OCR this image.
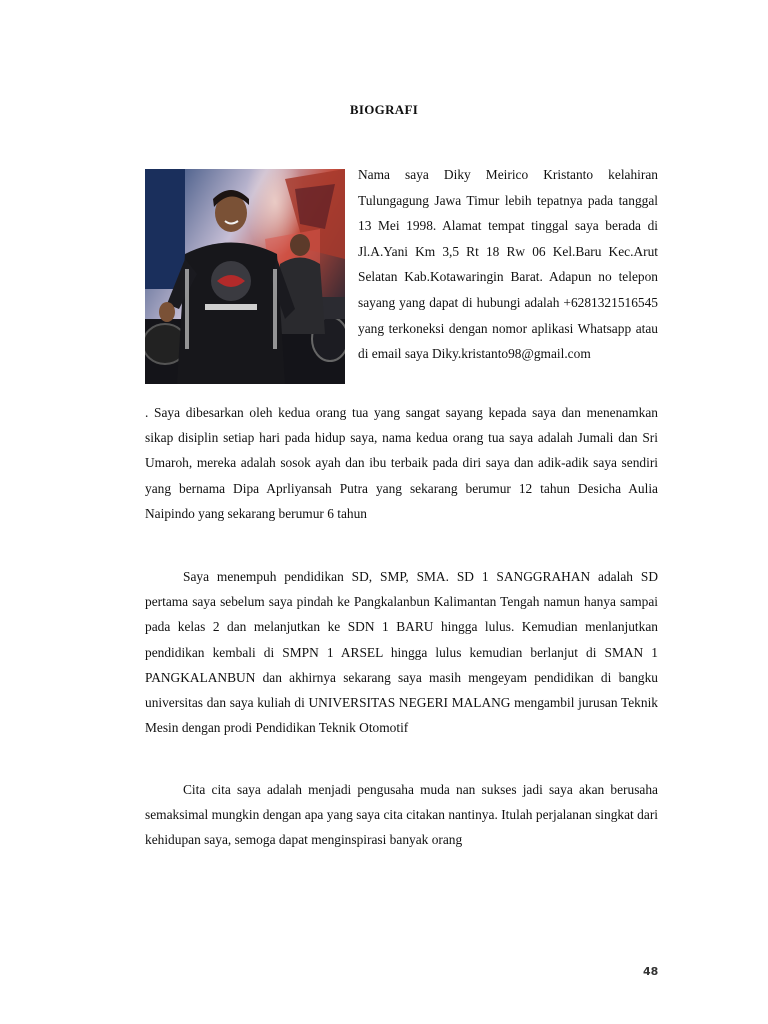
BIOGRAFI
Nama saya Diky Meirico Kristanto kelahiran Tulungagung Jawa Timur lebih tepatnya pada tanggal 13 Mei 1998. Alamat tempat tinggal saya berada di Jl.A.Yani Km 3,5 Rt 18 Rw 06 Kel.Baru Kec.Arut Selatan Kab.Kotawaringin Barat. Adapun no telepon sayang yang dapat di hubungi adalah +6281321516545 yang terkoneksi dengan nomor aplikasi Whatsapp atau di email saya Diky.kristanto98@gmail.com

. Saya dibesarkan oleh kedua orang tua yang sangat sayang kepada saya dan menenamkan sikap disiplin setiap hari pada hidup saya, nama kedua orang tua saya adalah Jumali dan Sri Umaroh, mereka adalah sosok ayah dan ibu terbaik pada diri saya dan adik-adik saya sendiri yang bernama Dipa Aprliyansah Putra yang sekarang berumur 12 tahun Desicha Aulia Naipindo yang sekarang berumur 6 tahun

Saya menempuh pendidikan SD, SMP, SMA. SD 1 SANGGRAHAN adalah SD pertama saya sebelum saya pindah ke Pangkalanbun Kalimantan Tengah namun hanya sampai pada kelas 2 dan melanjutkan ke SDN 1 BARU hingga lulus. Kemudian menlanjutkan pendidikan kembali di SMPN 1 ARSEL hingga lulus kemudian berlanjut di SMAN 1 PANGKALANBUN dan akhirnya sekarang saya masih mengeyam pendidikan di bangku universitas dan saya kuliah di UNIVERSITAS NEGERI MALANG mengambil jurusan Teknik Mesin dengan prodi Pendidikan Teknik Otomotif

Cita cita saya adalah menjadi pengusaha muda nan sukses jadi saya akan berusaha semaksimal mungkin dengan apa yang saya cita citakan nantinya. Itulah perjalanan singkat dari kehidupan saya, semoga dapat menginspirasi banyak orang

48
